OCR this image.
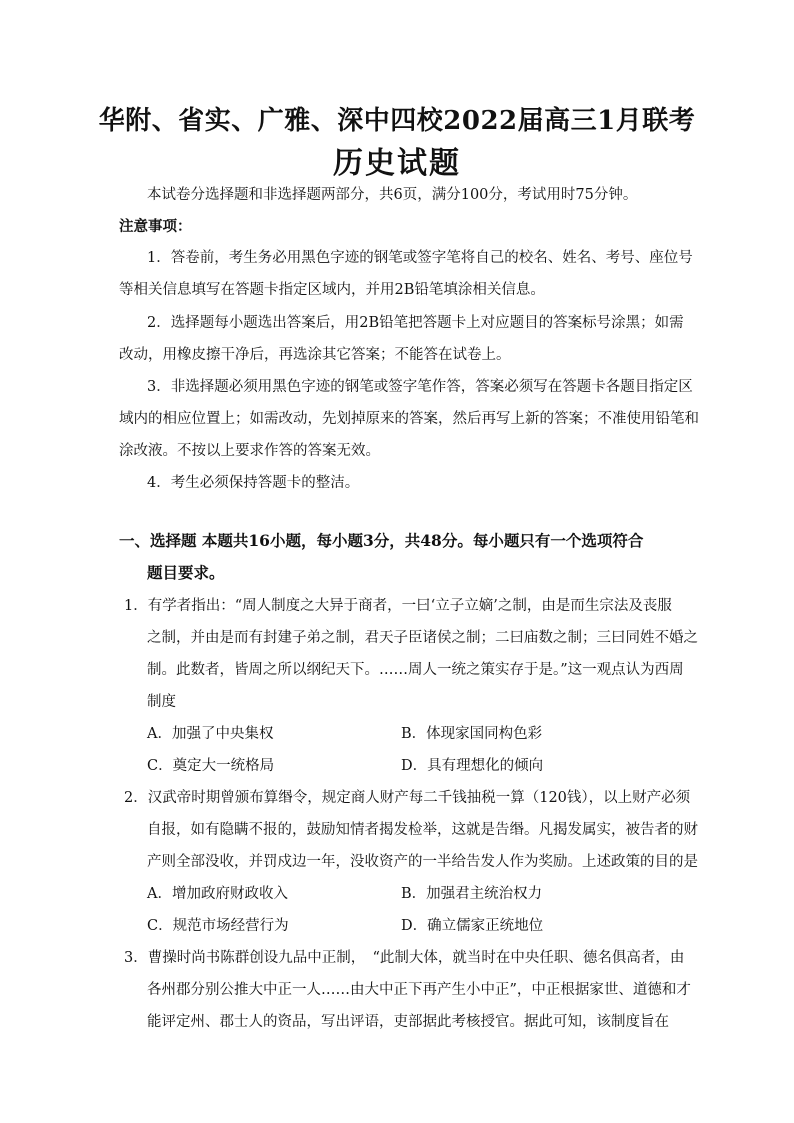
华附、省实、广雅、深中四校2022届高三1月联考
历史试题
本试卷分选择题和非选择题两部分，共6页，满分100分，考试用时75分钟。
注意事项：
1．答卷前，考生务必用黑色字迹的钢笔或签字笔将自己的校名、姓名、考号、座位号
等相关信息填写在答题卡指定区域内，并用2B铅笔填涂相关信息。
2．选择题每小题选出答案后，用2B铅笔把答题卡上对应题目的答案标号涂黑；如需
改动，用橡皮擦干净后，再选涂其它答案；不能答在试卷上。
3．非选择题必须用黑色字迹的钢笔或签字笔作答，答案必须写在答题卡各题目指定区
域内的相应位置上；如需改动，先划掉原来的答案，然后再写上新的答案；不准使用铅笔和
涂改液。不按以上要求作答的答案无效。
4．考生必须保持答题卡的整洁。
一、选择题 本题共16小题，每小题3分，共48分。每小题只有一个选项符合
题目要求。
1．有学者指出：“周人制度之大异于商者，一曰‘立子立嫡’之制，由是而生宗法及丧服
之制，并由是而有封建子弟之制，君天子臣诸侯之制；二曰庙数之制；三曰同姓不婚之
制。此数者，皆周之所以纲纪天下。……周人一统之策实存于是。”这一观点认为西周
制度
A．加强了中央集权	B．体现家国同构色彩
C．奠定大一统格局	D．具有理想化的倾向
2．汉武帝时期曾颁布算缗令，规定商人财产每二千钱抽税一算（120钱），以上财产必须
自报，如有隐瞒不报的，鼓励知情者揭发检举，这就是告缗。凡揭发属实，被告者的财
产则全部没收，并罚戍边一年，没收资产的一半给告发人作为奖励。上述政策的目的是
A．增加政府财政收入	B．加强君主统治权力
C．规范市场经营行为	D．确立儒家正统地位
3．曹操时尚书陈群创设九品中正制，　“此制大体，就当时在中央任职、德名俱高者，由
各州郡分别公推大中正一人……由大中正下再产生小中正”，中正根据家世、道德和才
能评定州、郡士人的资品，写出评语，吏部据此考核授官。据此可知，该制度旨在
